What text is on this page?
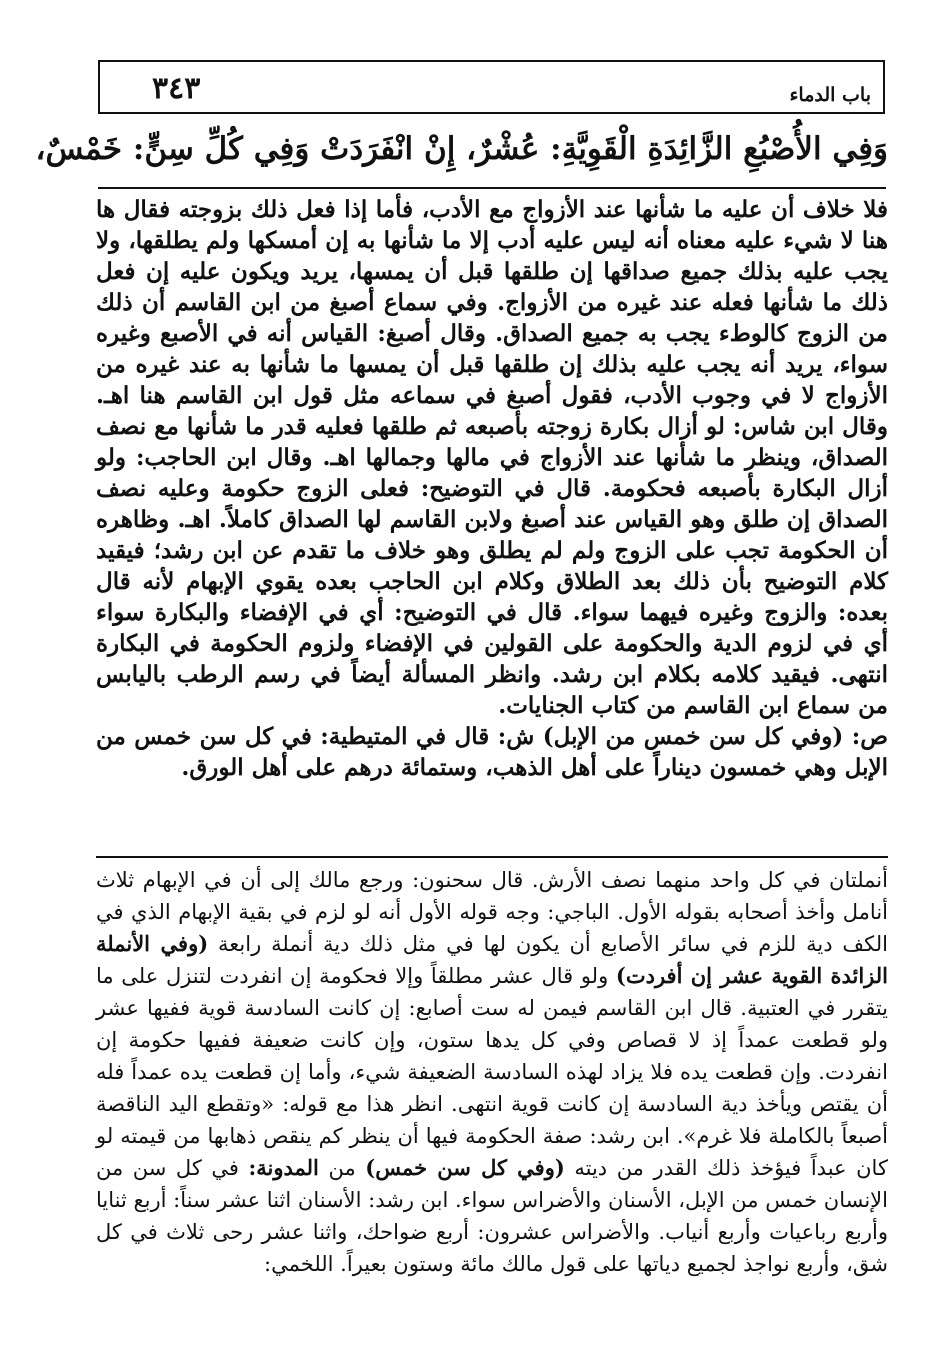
باب الدماء
٣٤٣
وَفِي الأُصْبُعِ الزَّائِدَةِ الْقَوِيَّةِ: عُشْرٌ، إِنْ انْفَرَدَتْ وَفِي كُلِّ سِنٍّ: خَمْسٌ،

فلا خلاف أن عليه ما شأنها عند الأزواج مع الأدب، فأما إذا فعل ذلك بزوجته فقال ها هنا لا شيء عليه معناه أنه ليس عليه أدب إلا ما شأنها به إن أمسكها ولم يطلقها، ولا يجب عليه بذلك جميع صداقها إن طلقها قبل أن يمسها، يريد ويكون عليه إن فعل ذلك ما شأنها فعله عند غيره من الأزواج. وفي سماع أصبغ من ابن القاسم أن ذلك من الزوج كالوطء يجب به جميع الصداق. وقال أصبغ: القياس أنه في الأصبع وغيره سواء، يريد أنه يجب عليه بذلك إن طلقها قبل أن يمسها ما شأنها به عند غيره من الأزواج لا في وجوب الأدب، فقول أصبغ في سماعه مثل قول ابن القاسم هنا اهـ. وقال ابن شاس: لو أزال بكارة زوجته بأصبعه ثم طلقها فعليه قدر ما شأنها مع نصف الصداق، وينظر ما شأنها عند الأزواج في مالها وجمالها اهـ. وقال ابن الحاجب: ولو أزال البكارة بأصبعه فحكومة. قال في التوضيح: فعلى الزوج حكومة وعليه نصف الصداق إن طلق وهو القياس عند أصبغ ولابن القاسم لها الصداق كاملاً. اهـ. وظاهره أن الحكومة تجب على الزوج ولم لم يطلق وهو خلاف ما تقدم عن ابن رشد؛ فيقيد كلام التوضيح بأن ذلك بعد الطلاق وكلام ابن الحاجب بعده يقوي الإبهام لأنه قال بعده: والزوج وغيره فيهما سواء. قال في التوضيح: أي في الإفضاء والبكارة سواء أي في لزوم الدية والحكومة على القولين في الإفضاء ولزوم الحكومة في البكارة انتهى. فيقيد كلامه بكلام ابن رشد. وانظر المسألة أيضاً في رسم الرطب باليابس من سماع ابن القاسم من كتاب الجنايات.

ص: (وفي كل سن خمس من الإبل) ش: قال في المتيطية: في كل سن خمس من الإبل وهي خمسون ديناراً على أهل الذهب، وستمائة درهم على أهل الورق.

أنملتان في كل واحد منهما نصف الأرش. قال سحنون: ورجع مالك إلى أن في الإبهام ثلاث أنامل وأخذ أصحابه بقوله الأول. الباجي: وجه قوله الأول أنه لو لزم في بقية الإبهام الذي في الكف دية للزم في سائر الأصابع أن يكون لها في مثل ذلك دية أنملة رابعة (وفي الأنملة الزائدة القوية عشر إن أفردت) ولو قال عشر مطلقاً وإلا فحكومة إن انفردت لتنزل على ما يتقرر في العتبية. قال ابن القاسم فيمن له ست أصابع: إن كانت السادسة قوية ففيها عشر ولو قطعت عمداً إذ لا قصاص وفي كل يدها ستون، وإن كانت ضعيفة ففيها حكومة إن انفردت. وإن قطعت يده فلا يزاد لهذه السادسة الضعيفة شيء، وأما إن قطعت يده عمداً فله أن يقتص ويأخذ دية السادسة إن كانت قوية انتهى. انظر هذا مع قوله: «وتقطع اليد الناقصة أصبعاً بالكاملة فلا غرم». ابن رشد: صفة الحكومة فيها أن ينظر كم ينقص ذهابها من قيمته لو كان عبداً فيؤخذ ذلك القدر من ديته (وفي كل سن خمس) من المدونة: في كل سن من الإنسان خمس من الإبل، الأسنان والأضراس سواء. ابن رشد: الأسنان اثنا عشر سناً: أربع ثنايا وأربع رباعيات وأربع أنياب. والأضراس عشرون: أربع ضواحك، واثنا عشر رحى ثلاث في كل شق، وأربع نواجذ لجميع دياتها على قول مالك مائة وستون بعيراً. اللخمي:
